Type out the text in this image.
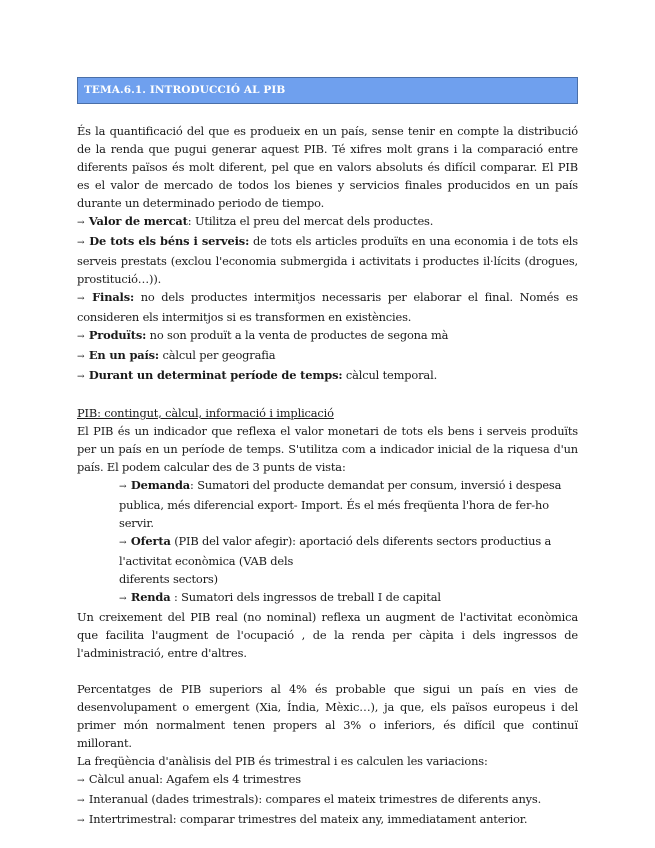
TEMA.6.1. INTRODUCCIÓ AL PIB

És la quantificació del que es produeix en un país, sense tenir en compte la distribució de la renda que pugui generar aquest PIB. Té xifres molt grans i la comparació entre diferents països és molt diferent, pel que en valors absoluts és difícil comparar. El PIB es el valor de mercado de todos los bienes y servicios finales producidos en un país durante un determinado periodo de tiempo.

→ Valor de mercat: Utilitza el preu del mercat dels productes.

→ De tots els béns i serveis: de tots els articles produïts en una economia i de tots els serveis prestats (exclou l'economia submergida i activitats i productes il·lícits (drogues, prostitució…)).

→ Finals: no dels productes intermitjos necessaris per elaborar el final. Només es consideren els intermitjos si es transformen en existències.

→ Produïts: no son produït a la venta de productes de segona mà

→ En un país: càlcul per geografia

→ Durant un determinat període de temps: càlcul temporal.

PIB: contingut, càlcul, informació i implicació

El PIB és un indicador que reflexa el valor monetari de tots els bens i serveis produïts per un país en un període de temps. S'utilitza com a indicador inicial de la riquesa d'un país. El podem calcular des de 3 punts de vista:

→ Demanda: Sumatori del producte demandat per consum, inversió i despesa

publica, més diferencial export- Import. És el més freqüenta l'hora de fer-ho servir.

→ Oferta (PIB del valor afegir): aportació dels diferents sectors productius a l'activitat econòmica (VAB dels

diferents sectors)

→ Renda : Sumatori dels ingressos de treball I de capital

Un creixement del PIB real (no nominal) reflexa un augment de l'activitat econòmica que facilita l'augment de l'ocupació , de la renda per càpita i dels ingressos de l'administració, entre d'altres.

Percentatges de PIB superiors al 4% és probable que sigui un país en vies de desenvolupament o emergent (Xia, Índia, Mèxic…), ja que, els països europeus i del primer món normalment tenen propers al 3% o inferiors, és difícil que continuï millorant.

La freqüència d'anàlisis del PIB és trimestral i es calculen les variacions:

→ Càlcul anual: Agafem els 4 trimestres

→ Interanual (dades trimestrals): compares el mateix trimestres de diferents anys.

→ Intertrimestral: comparar trimestres del mateix any, immediatament anterior.
